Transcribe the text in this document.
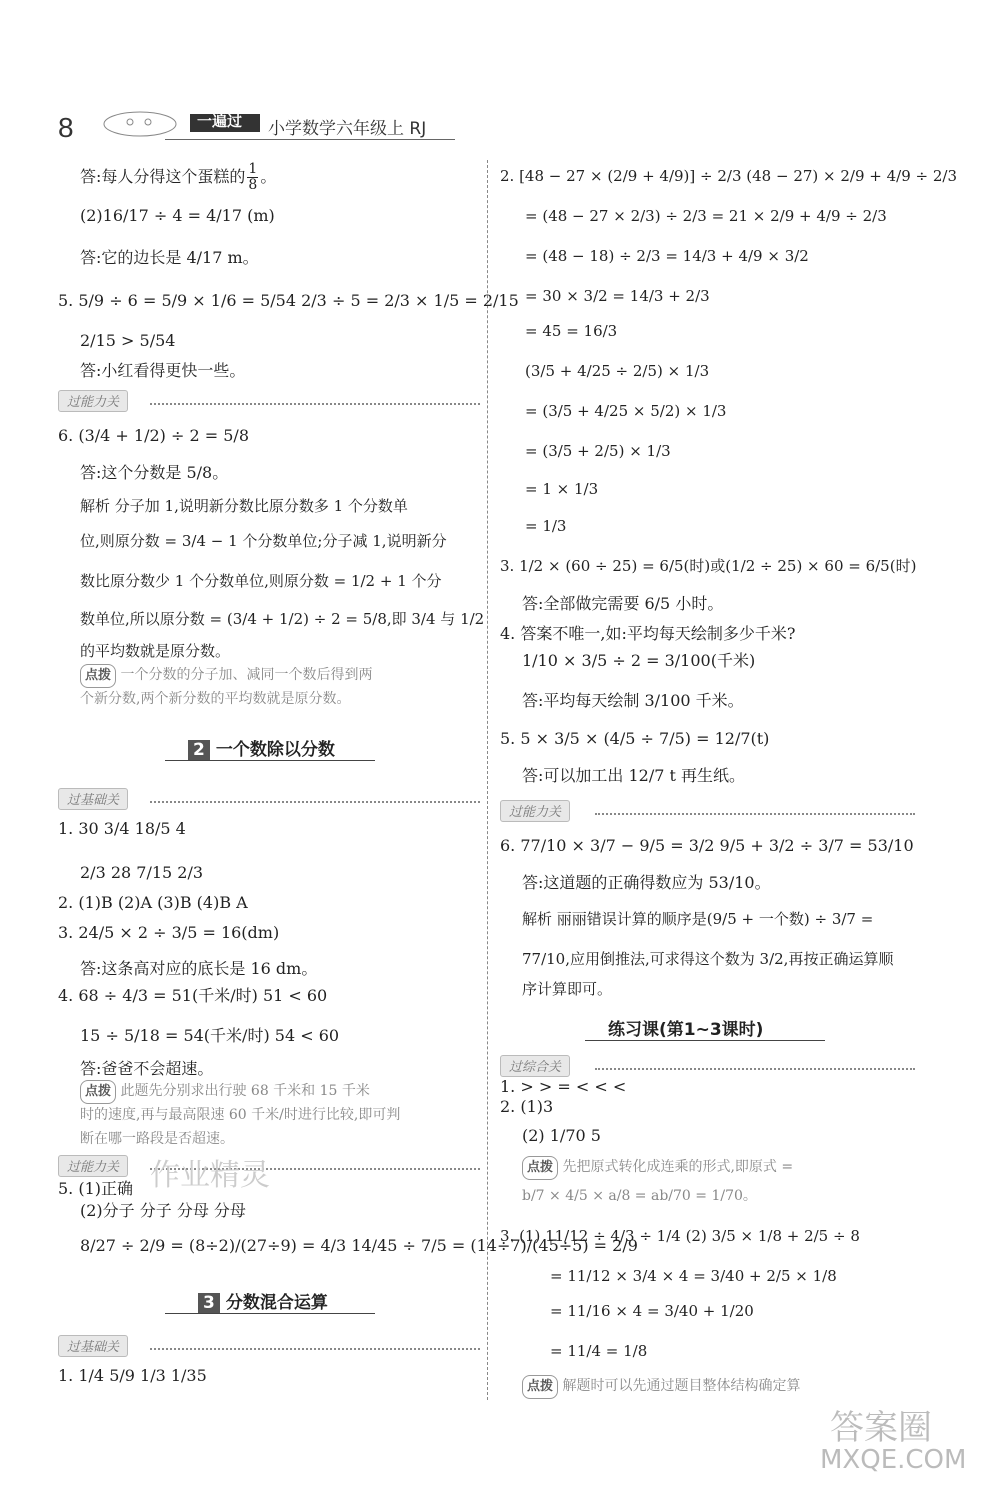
8	一遍过 小学数学六年级上 RJ
答:每人分得这个蛋糕的 $\frac{1}{8}$ 。
(2)16/17 ÷ 4 = 4/17 (m)
答:它的边长是 4/17 m。
5. 5/9 ÷ 6 = 5/9 × 1/6 = 5/54 2/3 ÷ 5 = 2/3 × 1/5 = 2/15
2/15 > 5/54
答:小红看得更快一些。
过能力关
6. (3/4 + 1/2) ÷ 2 = 5/8
答:这个分数是 5/8。
解析 分子加 1,说明新分数比原分数多 1 个分数单
位,则原分数 = 3/4 − 1 个分数单位;分子减 1,说明新分
数比原分数少 1 个分数单位,则原分数 = 1/2 + 1 个分
数单位,所以原分数 = (3/4 + 1/2) ÷ 2 = 5/8,即 3/4 与 1/2
的平均数就是原分数。
点拨 一个分数的分子加、减同一个数后得到两
个新分数,两个新分数的平均数就是原分数。
2 一个数除以分数
过基础关
1. 30 3/4 18/5 4
2/3 28 7/15 2/3
2. (1)B (2)A (3)B (4)B A
3. 24/5 × 2 ÷ 3/5 = 16(dm)
答:这条高对应的底长是 16 dm。
4. 68 ÷ 4/3 = 51(千米/时) 51 < 60
15 ÷ 5/18 = 54(千米/时) 54 < 60
答:爸爸不会超速。
点拨 此题先分别求出行驶 68 千米和 15 千米
时的速度,再与最高限速 60 千米/时进行比较,即可判
断在哪一路段是否超速。
过能力关
5. (1)正确
(2)分子 分子 分母 分母
8/27 ÷ 2/9 = (8÷2)/(27÷9) = 4/3 14/45 ÷ 7/5 = (14÷7)/(45÷5) = 2/9
3 分数混合运算
过基础关
1. 1/4 5/9 1/3 1/35
2. [48 − 27 × (2/9 + 4/9)] ÷ 2/3 (48 − 27) × 2/9 + 4/9 ÷ 2/3
= (48 − 27 × 2/3) ÷ 2/3 = 21 × 2/9 + 4/9 ÷ 2/3
= (48 − 18) ÷ 2/3 = 14/3 + 4/9 × 3/2
= 30 × 3/2 = 14/3 + 2/3
= 45 = 16/3
(3/5 + 4/25 ÷ 2/5) × 1/3
= (3/5 + 4/25 × 5/2) × 1/3
= (3/5 + 2/5) × 1/3
= 1 × 1/3
= 1/3
3. 1/2 × (60 ÷ 25) = 6/5(时)或(1/2 ÷ 25) × 60 = 6/5(时)
答:全部做完需要 6/5 小时。
4. 答案不唯一,如:平均每天绘制多少千米?
1/10 × 3/5 ÷ 2 = 3/100(千米)
答:平均每天绘制 3/100 千米。
5. 5 × 3/5 × (4/5 ÷ 7/5) = 12/7(t)
答:可以加工出 12/7 t 再生纸。
过能力关
6. 77/10 × 3/7 − 9/5 = 3/2 9/5 + 3/2 ÷ 3/7 = 53/10
答:这道题的正确得数应为 53/10。
解析 丽丽错误计算的顺序是(9/5 + 一个数) ÷ 3/7 =
77/10,应用倒推法,可求得这个数为 3/2,再按正确运算顺
序计算即可。
练习课(第1~3课时)
过综合关
1. > > = < < <
2. (1)3
(2) 1/70 5
点拨 先把原式转化成连乘的形式,即原式 =
b/7 × 4/5 × a/8 = ab/70 = 1/70。
3. (1) 11/12 ÷ 4/3 ÷ 1/4 (2) 3/5 × 1/8 + 2/5 ÷ 8
= 11/12 × 3/4 × 4 = 3/40 + 2/5 × 1/8
= 11/16 × 4 = 3/40 + 1/20
= 11/4 = 1/8
点拨 解题时可以先通过题目整体结构确定算
作业精灵
答案圈
MXQE.COM
